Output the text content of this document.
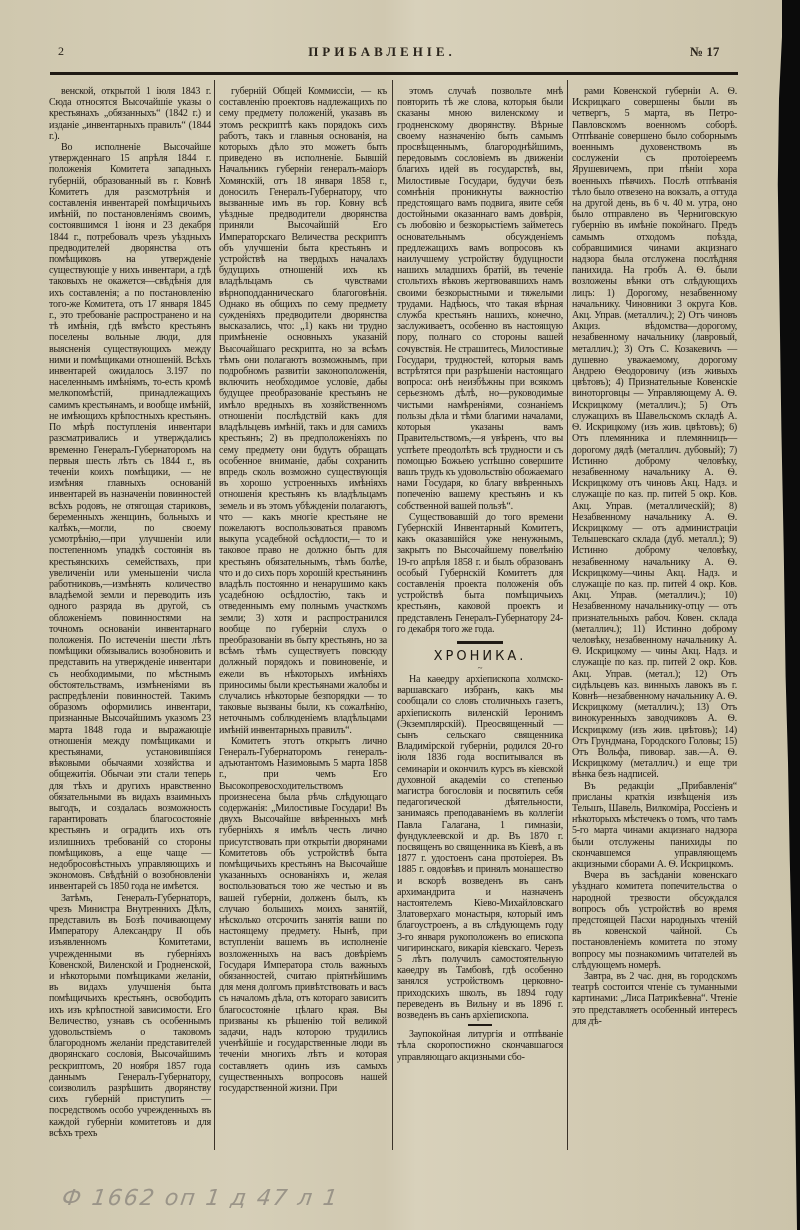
2	ПРИБАВЛЕНІЕ.	№ 17

венской, открытой 1 іюля 1843 г. Сюда относятся Высочайшіе указы о крестьянахъ „обязанныхъ“ (1842 г.) и изданіе „инвентарныхъ правилъ“ (1844 г.).

Во исполненіе Высочайше утвержденнаго 15 апрѣля 1844 г. положенія Комитета западныхъ губерній, образованный въ г. Ковнѣ Комитетъ для разсмотрѣнія и составленія инвентарей помѣщичьихъ имѣній, по постановленіямъ своимъ, состоявшимся 1 іюня и 23 декабря 1844 г., потребовалъ чрезъ уѣздныхъ предводителей дворянства отъ помѣщиковъ на утвержденіе существующіе у нихъ инвентари, а гдѣ таковыхъ не окажется—свѣдѣнія для ихъ составленія; а по постановленію того-же Комитета, отъ 17 января 1845 г., это требованіе распространено и на тѣ имѣнія, гдѣ вмѣсто крестьянъ поселены вольные люди, для выясненія существующихъ между ними и помѣщиками отношеній. Всѣхъ инвентарей ожидалось 3.197 по населеннымъ имѣніямъ, то-есть кромѣ мелкопомѣстій, принадлежащихъ самимъ крестьянамъ, и вообще имѣній, не имѣющихъ крѣпостныхъ крестьянъ. По мѣрѣ поступленія инвентари разсматривались и утверждались временно Генералъ-Губернаторомъ на первыя шесть лѣтъ съ 1844 г., въ теченіи коихъ помѣщики, — не измѣняя главныхъ основаній инвентарей въ назначеніи повинностей всѣхъ родовъ, не отягощая стариковъ, беременныхъ женщинъ, больныхъ и калѣкъ,—могли, по своему усмотрѣнію,—при улучшеніи или постепенномъ упадкѣ состоянія въ крестьянскихъ семействахъ, при увеличеніи или уменьшеніи числа работниковъ,—измѣнять количество владѣемой земли и переводить изъ одного разряда въ другой, съ обложеніемъ повинностями на точномъ основаніи инвентарнаго положенія. По истеченіи шести лѣтъ помѣщики обязывались возобновить и представить на утвержденіе инвентари съ необходимыми, по мѣстнымъ обстоятельствамъ, измѣненіями въ распредѣленіи повинностей. Такимъ образомъ оформились инвентари, признанные Высочайшимъ указомъ 23 марта 1848 года и выражающіе отношенія между помѣщиками и крестьянами, установившіяся вѣковыми обычаями хозяйства и общежитія. Обычаи эти стали теперь для тѣхъ и другихъ нравственно обязательными въ видахъ взаимныхъ выгодъ, и создалась возможность гарантировать благосостояніе крестьянъ и оградить ихъ отъ излишнихъ требованій со стороны помѣщиковъ, а еще чаще — недобросовѣстныхъ управляющихъ и экономовъ. Свѣдѣній о возобновленіи инвентарей съ 1850 года не имѣется.

Затѣмъ, Генералъ-Губернаторъ, чрезъ Министра Внутреннихъ Дѣлъ, представилъ въ Бозѣ почивающему Императору Александру II объ изъявленномъ Комитетами, учрежденными въ губерніяхъ Ковенской, Виленской и Гродненской, и нѣкоторыми помѣщиками желаніи, въ видахъ улучшенія быта помѣщичьихъ крестьянъ, освободить ихъ изъ крѣпостной зависимости. Его Величество, узнавъ съ особеннымъ удовольствіемъ о таковомъ благородномъ желаніи представителей дворянскаго сословія, Высочайшимъ рескриптомъ, 20 ноября 1857 года даннымъ Генералъ-Губернатору, соизволилъ разрѣшить дворянству сихъ губерній приступить — посредствомъ особо учрежденныхъ въ каждой губерніи комитетовъ и для всѣхъ трехъ

губерній Общей Коммиссіи, — къ составленію проектовъ надлежащихъ по сему предмету положеній, указавъ въ этомъ рескриптѣ какъ порядокъ сихъ работъ, такъ и главныя основанія, на которыхъ дѣло это можетъ быть приведено въ исполненіе. Бывшій Начальникъ губерніи генералъ-маіоръ Хомянскій, отъ 18 января 1858 г., доносилъ Генералъ-Губернатору, что вызванные имъ въ гор. Ковну всѣ уѣздные предводители дворянства приняли Высочайшій Его Императорскаго Величества рескриптъ объ улучшеніи быта крестьянъ и устройствѣ на твердыхъ началахъ будущихъ отношеній ихъ къ владѣльцамъ съ чувствами вѣрноподданническаго благоговѣнія. Однако въ общихъ по сему предмету сужденіяхъ предводители дворянства высказались, что: „1) какъ ни трудно примѣненіе основныхъ указаній Высочайшаго рескрипта, но за всѣмъ тѣмъ они полагаютъ возможнымъ, при подробномъ развитіи законоположенія, включить необходимое условіе, дабы будущее преобразованіе крестьянъ не имѣло вредныхъ въ хозяйственномъ отношеніи послѣдствій какъ для владѣльцевъ имѣній, такъ и для самихъ крестьянъ; 2) въ предположеніяхъ по сему предмету они будутъ обращать особенное вниманіе, дабы сохранить впредь сколь возможно существующія въ хорошо устроенныхъ имѣніяхъ отношенія крестьянъ къ владѣльцамъ земель и въ этомъ убѣжденіи полагаютъ, что — какъ многіе крестьяне не пожелаютъ воспользоваться правомъ выкупа усадебной осѣдлости,— то и таковое право не должно быть для крестьянъ обязательнымъ, тѣмъ болѣе, что и до сихъ поръ хорошій крестьянинъ владѣлъ постоянно и ненарушимо какъ усадебною осѣдлостію, такъ и отведеннымъ ему полнымъ участкомъ земли; 3) хотя и распространился вообще по губерніи слухъ о преобразованіи въ быту крестьянъ, но за всѣмъ тѣмъ существуетъ повсюду должный порядокъ и повиновеніе, и ежели въ нѣкоторыхъ имѣніяхъ приносимы были крестьянами жалобы и случались нѣкоторые безпорядки — то таковые вызваны были, къ сожалѣнію, неточнымъ соблюденіемъ владѣльцами имѣній инвентарныхъ правилъ“.

Комитетъ этотъ открытъ лично Генералъ-Губернаторомъ генералъ-адъютантомъ Назимовымъ 5 марта 1858 г., при чемъ Его Высокопревосходительствомъ произнесена была рѣчь слѣдующаго содержанія: „Милостивые Государи! Въ двухъ Высочайше ввѣренныхъ мнѣ губерніяхъ я имѣлъ честь лично присутствовать при открытіи дворянами Комитетовъ объ устройствѣ быта помѣщичьихъ крестьянъ на Высочайше указанныхъ основаніяхъ и, желая воспользоваться тою же честью и въ вашей губерніи, долженъ былъ, къ случаю большихъ моихъ занятій, нѣсколько отсрочить занятія ваши по настоящему предмету. Нынѣ, при вступленіи вашемъ въ исполненіе возложенныхъ на васъ довѣріемъ Государя Императора столь важныхъ обязанностей, считаю пріятнѣйшимъ для меня долгомъ привѣтствовать и васъ съ началомъ дѣла, отъ котораго зависитъ благосостояніе цѣлаго края. Вы призваны къ рѣшенію той великой задачи, надъ которою трудились ученѣйшіе и государственные люди въ теченіи многихъ лѣтъ и которая составляетъ одинъ изъ самыхъ существенныхъ вопросовъ нашей государственной жизни. При

этомъ случаѣ позвольте мнѣ повторить тѣ же слова, которыя были сказаны мною виленскому и гродненскому дворянству. Вѣрные своему назначенію быть самымъ просвѣщеннымъ, благороднѣйшимъ, передовымъ сословіемъ въ движеніи благихъ идей въ государствѣ, вы, Милостивые Государи, будучи безъ сомнѣнія проникнуты важностію предстоящаго вамъ подвига, явите себя достойными оказаннаго вамъ довѣрія, съ любовію и безкорыстіемъ займетесь основательнымъ обсужденіемъ предлежащихъ вамъ вопросовъ къ наилучшему устройству будущности нашихъ младшихъ братій, въ теченіе стольтихъ вѣковъ жертвовавшихъ намъ своими безкорыстными и тяжелыми трудами. Надѣюсь, что такая вѣрная служба крестьянъ нашихъ, конечно, заслуживаетъ, особенно въ настоящую пору, полнаго со стороны вашей сочувствія. Не страшитесь, Милостивые Государи, трудностей, которыя вамъ встрѣтятся при разрѣшеніи настоящаго вопроса: онѣ неизбѣжны при всякомъ серьезномъ дѣлѣ, но—руководимые чистыми намѣреніями, сознаніемъ пользы дѣла и тѣми благими началами, которыя указаны вамъ Правительствомъ,—я увѣренъ, что вы успѣете преодолѣть всѣ трудности и съ помощью Божьею успѣшно совершите вашъ трудъ къ удовольствію обожаемаго нами Государя, ко благу ввѣренныхъ попеченію вашему крестьянъ и къ собственной вашей пользѣ“.

Существовавшій до того времени Губернскій Инвентарный Комитетъ, какъ оказавшійся уже ненужнымъ, закрытъ по Высочайшему повелѣнію 19-го апрѣля 1858 г. и былъ образованъ особый Губернскій Комитетъ для составленія проекта положенія объ устройствѣ быта помѣщичьихъ крестьянъ, каковой проектъ и представленъ Генералъ-Губернатору 24-го декабря того же года.

ХРОНИКА.

~

На каѳедру архіепископа холмско-варшавскаго избранъ, какъ мы сообщали со словъ столичныхъ газетъ, архіепископъ виленскій Іеронимъ (Экземплярскій). Преосвященный — сынъ сельскаго священника Владимірской губерніи, родился 20-го іюля 1836 года воспитывался въ семинаріи и окончилъ курсъ въ кіевской духовной академіи со степенью магистра богословія и посвятилъ себя педагогической дѣятельности, занимаясь преподаваніемъ въ коллегіи Павла Галагана, 1 гимназіи, фундуклеевской и др. Въ 1870 г. посвященъ во священника въ Кіевѣ, а въ 1877 г. удостоенъ сана протоіерея. Въ 1885 г. овдовѣвъ и принялъ монашество и вскорѣ возведенъ въ санъ архимандрита и назначенъ настоятелемъ Кіево-Михайловскаго Златоверхаго монастыря, который имъ благоустроенъ, а въ слѣдующемъ году 3-го января рукоположенъ во епископа чигиринскаго, викарія кіевскаго. Черезъ 5 лѣтъ получилъ самостоятельную каѳедру въ Тамбовѣ, гдѣ особенно занялся устройствомъ церковно-приходскихъ школъ, въ 1894 году переведенъ въ Вильну и въ 1896 г. возведенъ въ санъ архіепископа.

Заупокойная литургія и отпѣваніе тѣла скоропостижно скончавшагося управляющаго акцизными сбо-

рами Ковенской губерніи А. Ѳ. Искрицкаго совершены были въ четвергъ, 5 марта, въ Петро-Павловскомъ военномъ соборѣ. Отпѣваніе совершено было соборнымъ военнымъ духовенствомъ въ сослуженіи съ протоіереемъ Ярушевичемъ, при пѣніи хора военныхъ пѣвчихъ. Послѣ отпѣванія тѣло было отвезено на вокзалъ, а оттуда на другой день, въ 6 ч. 40 м. утра, оно было отправлено въ Черниговскую губернію въ имѣніе покойнаго. Предъ самымъ отходомъ поѣзда, собравшимися чинами акцизнаго надзора была отслужена послѣдняя панихида. На гробъ А. Ѳ. были возложены вѣнки отъ слѣдующихъ лицъ: 1) Дорогому, незабвенному начальнику. Чиновники 3 округа Ков. Акц. Управ. (металлич.); 2) Отъ чиновъ Акциз. вѣдомства—дорогому, незабвенному начальнику (лавровый, металлич.); 3) Отъ С. Козакевичъ — душевно уважаемому, дорогому Андрею Ѳеодоровичу (изъ живыхъ цвѣтовъ); 4) Признательные Ковенскіе виноторговцы — Управляющему А. Ѳ. Искрицкому (металлич.); 5) Отъ служащихъ въ Шавельскомъ складѣ А. Ѳ. Искрицкому (изъ жив. цвѣтовъ); 6) Отъ племянника и племянницъ—дорогому дядѣ (металлич. дубовый); 7) Истинно доброму человѣку, незабвенному начальнику А. Ѳ. Искрицкому отъ чиновъ Акц. Надз. и служащіе по каз. пр. питей 5 окр. Ков. Акц. Управ. (металлическій); 8) Незабвенному начальнику А. Ѳ. Искрицкому — отъ администраціи Тельшевскаго склада (дуб. металл.); 9) Истинно доброму человѣку, незабвенному начальнику А. Ѳ. Искрицкому—чины Акц. Надз. и служащіе по каз. пр. питей 4 окр. Ков. Акц. Управ. (металлич.); 10) Незабвенному начальнику-отцу — отъ признательныхъ рабоч. Ковен. склада (металлич.); 11) Истинно доброму человѣку, незабвенному начальнику А. Ѳ. Искрицкому — чины Акц. Надз. и служащіе по каз. пр. питей 2 окр. Ков. Акц. Управ. (метал.); 12) Отъ сидѣльцевъ каз. винныхъ лавокъ въ г. Ковнѣ—незабвенному начальнику А. Ѳ. Искрицкому (металлич.); 13) Отъ винокуренныхъ заводчиковъ А. Ѳ. Искрицкому (изъ жив. цвѣтовъ); 14) Отъ Грундмана, Городского Головы; 15) Отъ Вольфа, пивовар. зав.—А. Ѳ. Искрицкому (металлич.) и еще три вѣнка безъ надписей.

Въ редакціи „Прибавленія“ присланы краткія извѣщенія изъ Тельшъ, Шавель, Вилкоміра, Россіенъ и нѣкоторыхъ мѣстечекъ о томъ, что тамъ 5-го марта чинами акцизнаго надзора были отслужены панихиды по скончавшемся управляющемъ акцизными сборами А. Ѳ. Искрицкомъ.

Вчера въ засѣданіи ковенскаго уѣзднаго комитета попечительства о народной трезвости обсуждался вопросъ объ устройствѣ во время предстоящей Пасхи народныхъ чтеній въ ковенской чайной. Съ постановленіемъ комитета по этому вопросу мы познакомимъ читателей въ слѣдующемъ номерѣ.

Завтра, въ 2 час. дня, въ городскомъ театрѣ состоится чтеніе съ туманными картинами: „Лиса Патрикѣевна“. Чтеніе это представляетъ особенный интересъ для дѣ-

Ф 1662 оп 1 д 47 л 1
